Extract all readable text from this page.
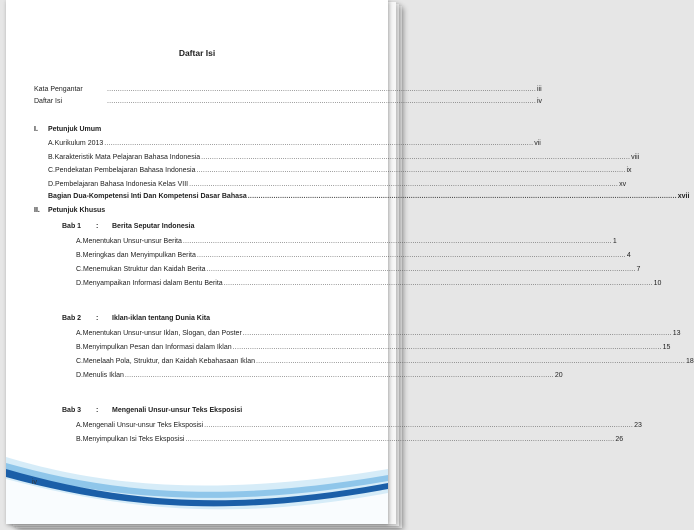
Daftar Isi
Kata Pengantar	........................................................................................................................................................................................................ iii
Daftar Isi	........................................................................................................................................................................................................ iv
I.	Petunjuk Umum
A. Kurikulum 2013 ........................................................................................................................................................................................................ vii
B. Karakteristik Mata Pelajaran Bahasa Indonesia ........................................................................................................................................................................................................ viii
C. Pendekatan Pembelajaran Bahasa Indonesia ........................................................................................................................................................................................................ ix
D. Pembelajaran Bahasa Indonesia Kelas VIII ........................................................................................................................................................................................................ xv
Bagian Dua-Kompetensi Inti Dan Kompetensi Dasar Bahasa ........................................................................................................................................................................................................ xvii
II.	Petunjuk Khusus
Bab 1	:	Berita Seputar Indonesia
A. Menentukan Unsur-unsur Berita ........................................................................................................................................................................................................ 1
B. Meringkas dan Menyimpulkan Berita ........................................................................................................................................................................................................ 4
C. Menemukan Struktur dan Kaidah Berita ........................................................................................................................................................................................................ 7
D. Menyampaikan Informasi dalam Bentu Berita ........................................................................................................................................................................................................ 10
Bab 2	:	Iklan-iklan tentang Dunia Kita
A. Menentukan Unsur-unsur Iklan, Slogan, dan Poster ........................................................................................................................................................................................................ 13
B. Menyimpulkan Pesan dan Informasi dalam Iklan ........................................................................................................................................................................................................ 15
C. Menelaah Pola, Struktur, dan Kaidah Kebahasaan Iklan ........................................................................................................................................................................................................ 18
D. Menulis Iklan ........................................................................................................................................................................................................ 20
Bab 3	:	Mengenali Unsur-unsur Teks Eksposisi
A. Mengenali Unsur-unsur Teks Eksposisi ........................................................................................................................................................................................................ 23
B. Menyimpulkan Isi Teks Eksposisi ........................................................................................................................................................................................................ 26
iv
